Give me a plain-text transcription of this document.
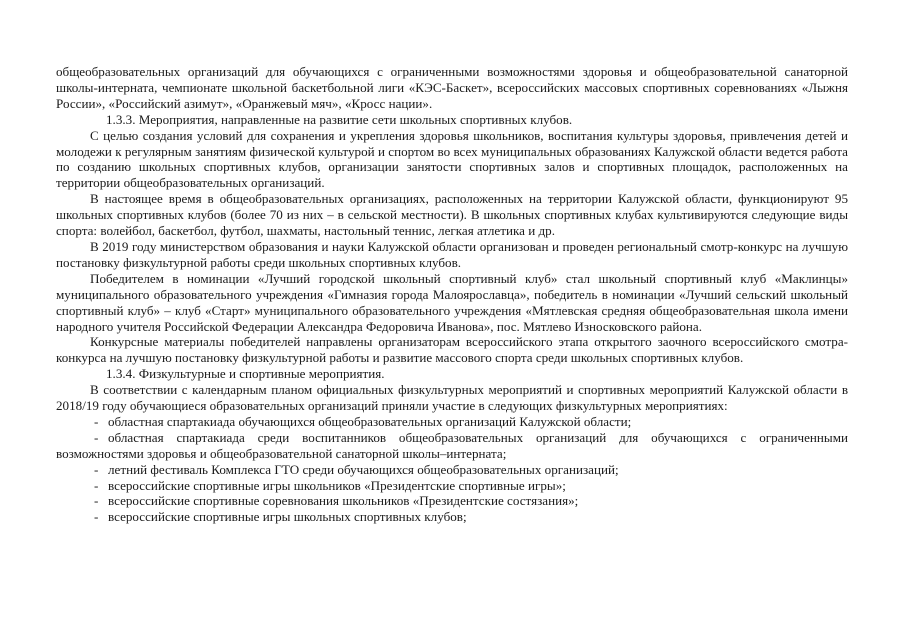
общеобразовательных организаций для обучающихся с ограниченными возможностями здоровья и общеобразовательной санаторной школы-интерната, чемпионате школьной баскетбольной лиги «КЭС-Баскет», всероссийских массовых спортивных соревнованиях «Лыжня России», «Российский азимут», «Оранжевый мяч», «Кросс нации».

1.3.3. Мероприятия, направленные на развитие сети школьных спортивных клубов.

С целью создания условий для сохранения и укрепления здоровья школьников, воспитания культуры здоровья, привлечения детей и молодежи к регулярным занятиям физической культурой и спортом во всех муниципальных образованиях Калужской области ведется работа по созданию школьных спортивных клубов, организации занятости спортивных залов и спортивных площадок, расположенных на территории общеобразовательных организаций.

В настоящее время в общеобразовательных организациях, расположенных на территории Калужской области, функционируют 95 школьных спортивных клубов (более 70 из них – в сельской местности). В школьных спортивных клубах культивируются следующие виды спорта: волейбол, баскетбол, футбол, шахматы, настольный теннис, легкая атлетика и др.

В 2019 году министерством образования и науки Калужской области организован и проведен региональный смотр-конкурс на лучшую постановку физкультурной работы среди школьных спортивных клубов.

Победителем в номинации «Лучший городской школьный спортивный клуб» стал школьный спортивный клуб «Маклинцы» муниципального образовательного учреждения «Гимназия города Малоярославца», победитель в номинации «Лучший сельский школьный спортивный клуб» – клуб «Старт» муниципального образовательного учреждения «Мятлевская средняя общеобразовательная школа имени народного учителя Российской Федерации Александра Федоровича Иванова», пос. Мятлево Износковского района.

Конкурсные материалы победителей направлены организаторам всероссийского этапа открытого заочного всероссийского смотра-конкурса на лучшую постановку физкультурной работы и развитие массового спорта среди школьных спортивных клубов.

1.3.4. Физкультурные и спортивные мероприятия.

В соответствии с календарным планом официальных физкультурных мероприятий и спортивных мероприятий Калужской области в 2018/19 году обучающиеся образовательных организаций приняли участие в следующих физкультурных мероприятиях:

- областная спартакиада обучающихся общеобразовательных организаций Калужской области;
- областная спартакиада среди воспитанников общеобразовательных организаций для обучающихся с ограниченными возможностями здоровья и общеобразовательной санаторной школы–интерната;
- летний фестиваль Комплекса ГТО среди обучающихся общеобразовательных организаций;
- всероссийские спортивные игры школьников «Президентские спортивные игры»;
- всероссийские спортивные соревнования школьников «Президентские состязания»;
- всероссийские спортивные игры школьных спортивных клубов;
